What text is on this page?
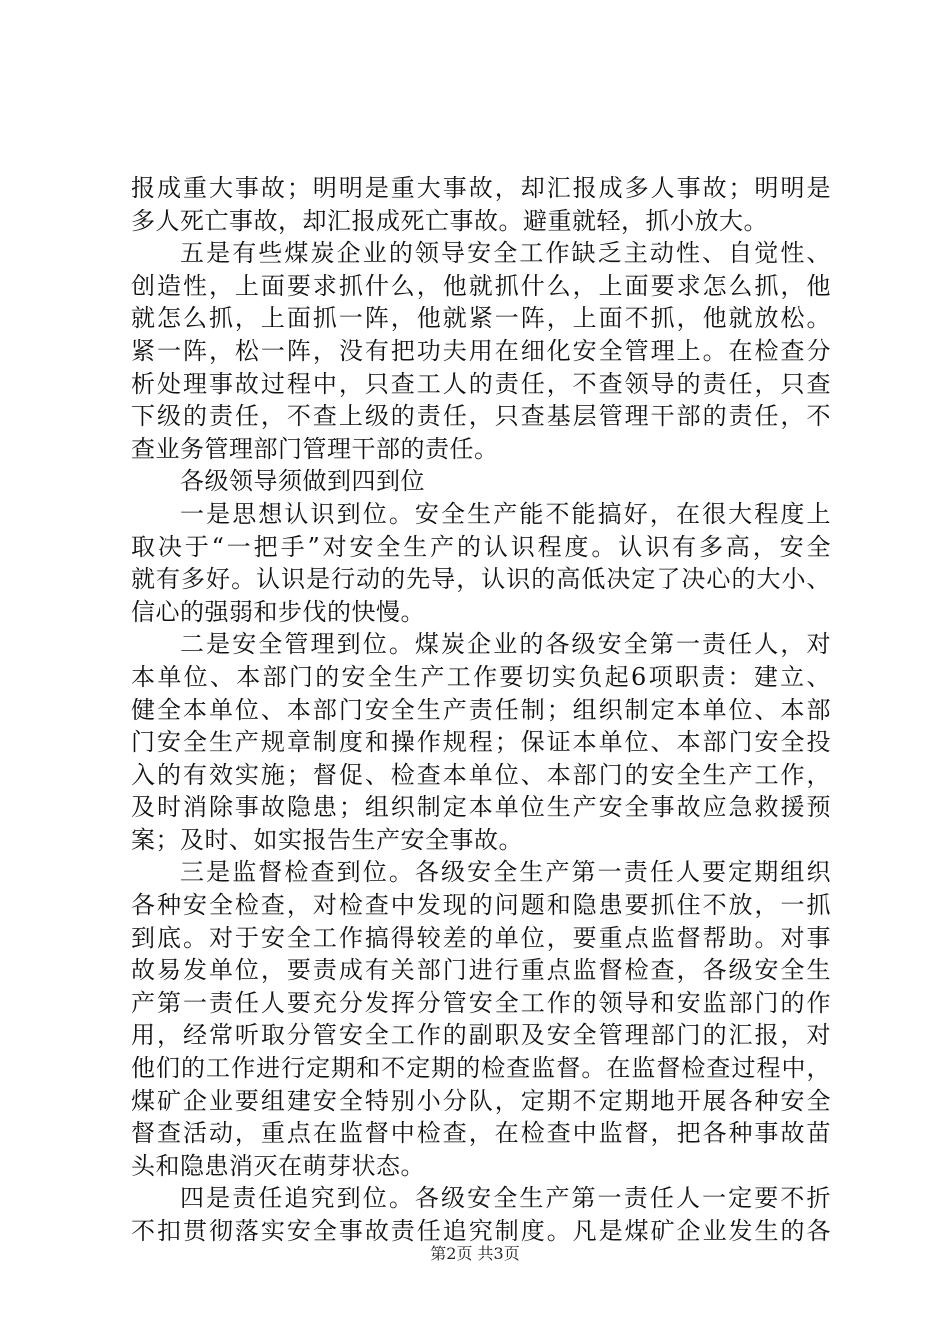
报成重大事故；明明是重大事故，却汇报成多人事故；明明是
多人死亡事故，却汇报成死亡事故。避重就轻，抓小放大。
五是有些煤炭企业的领导安全工作缺乏主动性、自觉性、
创造性，上面要求抓什么，他就抓什么，上面要求怎么抓，他
就怎么抓，上面抓一阵，他就紧一阵，上面不抓，他就放松。
紧一阵，松一阵，没有把功夫用在细化安全管理上。在检查分
析处理事故过程中，只查工人的责任，不查领导的责任，只查
下级的责任，不查上级的责任，只查基层管理干部的责任，不
查业务管理部门管理干部的责任。
各级领导须做到四到位
一是思想认识到位。安全生产能不能搞好，在很大程度上
取决于“一把手”对安全生产的认识程度。认识有多高，安全
就有多好。认识是行动的先导，认识的高低决定了决心的大小、
信心的强弱和步伐的快慢。
二是安全管理到位。煤炭企业的各级安全第一责任人，对
本单位、本部门的安全生产工作要切实负起6项职责：建立、
健全本单位、本部门安全生产责任制；组织制定本单位、本部
门安全生产规章制度和操作规程；保证本单位、本部门安全投
入的有效实施；督促、检查本单位、本部门的安全生产工作，
及时消除事故隐患；组织制定本单位生产安全事故应急救援预
案；及时、如实报告生产安全事故。
三是监督检查到位。各级安全生产第一责任人要定期组织
各种安全检查，对检查中发现的问题和隐患要抓住不放，一抓
到底。对于安全工作搞得较差的单位，要重点监督帮助。对事
故易发单位，要责成有关部门进行重点监督检查，各级安全生
产第一责任人要充分发挥分管安全工作的领导和安监部门的作
用，经常听取分管安全工作的副职及安全管理部门的汇报，对
他们的工作进行定期和不定期的检查监督。在监督检查过程中，
煤矿企业要组建安全特别小分队，定期不定期地开展各种安全
督查活动，重点在监督中检查，在检查中监督，把各种事故苗
头和隐患消灭在萌芽状态。
四是责任追究到位。各级安全生产第一责任人一定要不折
不扣贯彻落实安全事故责任追究制度。凡是煤矿企业发生的各
第2页 共3页
